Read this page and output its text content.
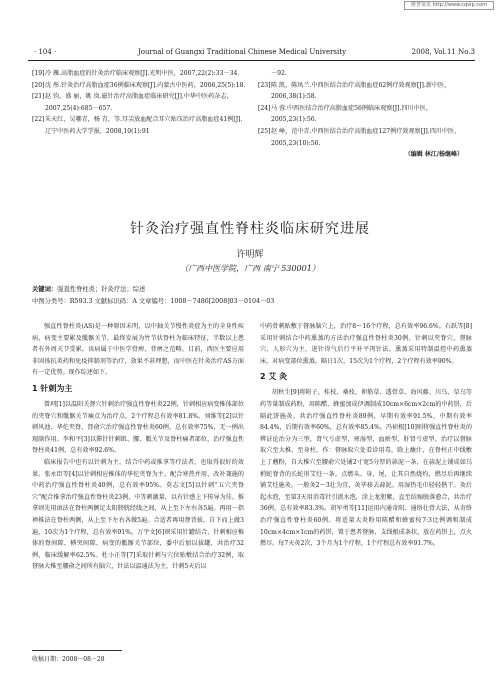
维普资讯 http://www.cqvip.com
· 104 ·	Journal of Guangxi Traditional Chinese Medical University	2008, Vol.11 No.3
[19] 冷 雁.高脂血症的针灸治疗临床观察[J].光明中医，2007,22(2):33－34.
[20] 沈 彤.针灸治疗高脂血症36例临床观察[J].内蒙古中医药，2006,25(5):18.
[21] 赵 钧，盛 丽，姚 岚.磁针治疗高脂血症临床研究[J].中华中医药杂志，2007,25(4):685－657.
[22] 朱天红，吴哪青，杨 青，等.耳尖放血配合耳穴贴压治疗高脂血症41例[J].辽宁中医药大学学报，2008,10(1):91
－92.
[23] 陈 凯，陈凤兰.中西医结合治疗高脂血症62例疗效观察[J].新中医，2006,38(1):58.
[24] 马 蓉.中西医结合治疗高脂血症56例临床观察[J].四川中医，2005,23(1):56.
[25] 赵 峥，范中青.中西医结合治疗高脂血症127例疗效观察[J].四川中医，2005,23(10):56.
（编辑 林江/杨继峰）
针灸治疗强直性脊柱炎临床研究进展
许明辉
（广西中医学院，广西 南宁 530001）
关键词：强直性脊柱炎；针灸疗法；综述
中图分类号：R593.3 文献标识码：A 文章编号：1008－7486[2008]03－0104－03

强直性脊柱炎(AS)是一种原因未明，以中轴关节慢性炎症为主的全身性疾病，病变主要累及骶髂关节，最终发展为竹节状脊柱为临床特征，半数以上患者有外周关节受累。该病属于中医学骨痹、背痹之范畴。目前，西医主要应用非固体抗炎药和免疫抑制剂等治疗，效果不甚理想，而中医在针灸治疗AS方面有一定优势。现作综述如下。

1 针刺为主

曾珂[1]以温阳关督穴针刺治疗强直性脊柱炎22例，针刺相应病变椎体部位的夹脊穴和骶髂关节痛点为治疗点，2个疗程总有效率81.8%。刘维等[2]以针刺风池、华佗夹脊、肾俞穴治疗强直性脊柱炎60例，总有效率75%，无一例出现副作用。李和平[3]以滞针针刺肌、腰、骶关节及脊柱痛者部位，治疗强直性脊柱炎41例，总有效率92.6%。

临床报告中也有以针刺为主，结合中药或推拿等疗法者，也取得很好的效果。张永臣等[4]以针刺相应椎体的华佗夹脊为主，配合寒热并用，改补兼施的中药治疗强直性脊柱炎40例，总有效率95%。莫志文[5]以针刺“五穴夹脊穴”配合推拿治疗强直性脊柱炎23例，中等刺激量，以有针感上下传导为佳。推拿则先用滚法在脊柱两侧足太阳膀胱经线之间，从上至下左右各5遍。再用一指禅推法在脊柱两侧，从上至下左右各做5遍。合适者再用督背拔，自下而上做3遍，10次为1个疗程，总有效率91%。万宇文[6]则采用针罐结合，针刺相应椎体的脊间隙、横突间隙、病变的骶髂关节部位，委中后加以拔罐，共治疗32例，临床缓解率62.5%。杜小正等[7]采取针刺与穴位贴敷结合治疗32例，取督脉大椎至腰俞之间所有脑穴，针法以温通法为主，针刺5天后以

中药骨刺贴敷于督脉脑穴上，治疗8～16个疗程，总有效率96.6%。石跃等[8]采用针刺结合中药熏蒸的方法治疗强直性脊柱炎30例。针刺以夹脊穴、督脉穴、人形穴为主，进针得气后行平补平泻针法。熏蒸采用特制温控中药熏蒸床，对病变部位熏蒸，隔日1次，15次为1个疗程，2个疗程有效率90%。

2 艾 灸

胡秋生[9]将附子、桂枝、桑枝、伸筋草、透骨草、海风藤、川乌、草乌等药等量制成药粉，用陈醋、蜂蜜加成伊调制成10cm×6cm×2cm的中药饼，后隔此饼施灸。共治疗强直性脊柱炎89例，早期有效率91.5%，中期有效率84.4%，后期有效率60%，总有效率85.4%。冯祯根[10]则将强直性脊柱炎的辨证论治分为三型，肾气亏虚型，寒湿型，血瘀型，肝肾亏虚型。治疗以督脉取穴至大椎、至身柱、作：督脉取穴处看诊用毒，除上蘸汁，在脊柱正中线敷上丁蘑粉，自大椎穴至腰俞穴处铺2寸宽5分厚的蒜泥一条，在蒜泥上铺成如乌梢蛇脊背的长蛇形艾炷一条。点燃头、身、尾，让其自然烧灼，燃尽后再继续铺艾炷施灸。一般灸2～3壮为宜，灸毕移去蒜泥。用湿热毛巾轻轻揩干。灸后起水泡，至第3天用消毒针引流水泡，涂上龙胆紫，直至结痂脱落愈合，共治疗36例，总有效率83.3%。胡军勇等[11]运用内通奇阳、通络壮骨大法，从奇络治疗强直性脊柱炎60例。将适量大炎粉用陈醋和蜂蜜按7:3比例调和制成10cm×4cm×1cm的药饼，置于患者督脉，支线根成条状，放在药饼上，点火燃尽。每7天灸2次，3个月为1个疗程，1个疗程总有效率91.7%。

收稿日期：2008－08－28
